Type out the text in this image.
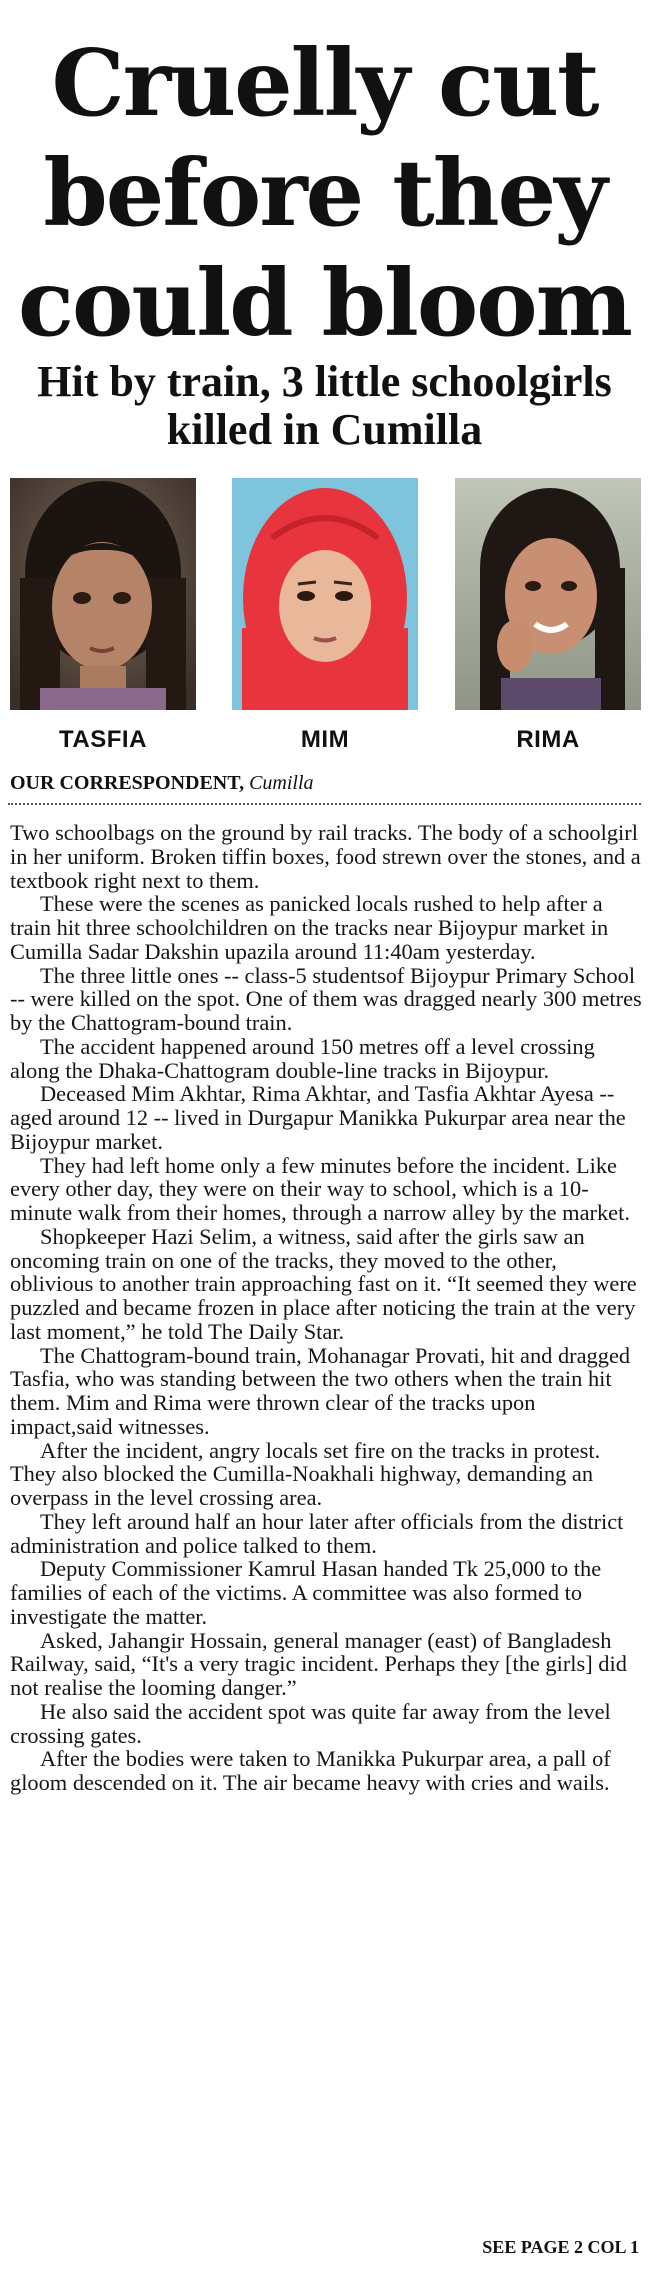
Cruelly cut
before they
could bloom
Hit by train, 3 little schoolgirls
killed in Cumilla
TASFIA	MIM	RIMA
OUR CORRESPONDENT, Cumilla

Two schoolbags on the ground by rail tracks. The body of a schoolgirl in her uniform. Broken tiffin boxes, food strewn over the stones, and a textbook right next to them.

These were the scenes as panicked locals rushed to help after a train hit three schoolchildren on the tracks near Bijoypur market in Cumilla Sadar Dakshin upazila around 11:40am yesterday.

The three little ones -- class-5 studentsof Bijoypur Primary School -- were killed on the spot. One of them was dragged nearly 300 metres by the Chattogram-bound train.

The accident happened around 150 metres off a level crossing along the Dhaka-Chattogram double-line tracks in Bijoypur.

Deceased Mim Akhtar, Rima Akhtar, and Tasfia Akhtar Ayesa -- aged around 12 -- lived in Durgapur Manikka Pukurpar area near the Bijoypur market.

They had left home only a few minutes before the incident. Like every other day, they were on their way to school, which is a 10-minute walk from their homes, through a narrow alley by the market.

Shopkeeper Hazi Selim, a witness, said after the girls saw an oncoming train on one of the tracks, they moved to the other, oblivious to another train approaching fast on it. “It seemed they were puzzled and became frozen in place after noticing the train at the very last moment,” he told The Daily Star.

The Chattogram-bound train, Mohanagar Provati, hit and dragged Tasfia, who was standing between the two others when the train hit them. Mim and Rima were thrown clear of the tracks upon impact,said witnesses.

After the incident, angry locals set fire on the tracks in protest. They also blocked the Cumilla-Noakhali highway, demanding an overpass in the level crossing area.

They left around half an hour later after officials from the district administration and police talked to them.

Deputy Commissioner Kamrul Hasan handed Tk 25,000 to the families of each of the victims. A committee was also formed to investigate the matter.

Asked, Jahangir Hossain, general manager (east) of Bangladesh Railway, said, “It's a very tragic incident. Perhaps they [the girls] did not realise the looming danger.”

He also said the accident spot was quite far away from the level crossing gates.

After the bodies were taken to Manikka Pukurpar area, a pall of gloom descended on it. The air became heavy with cries and wails.

SEE PAGE 2 COL 1
